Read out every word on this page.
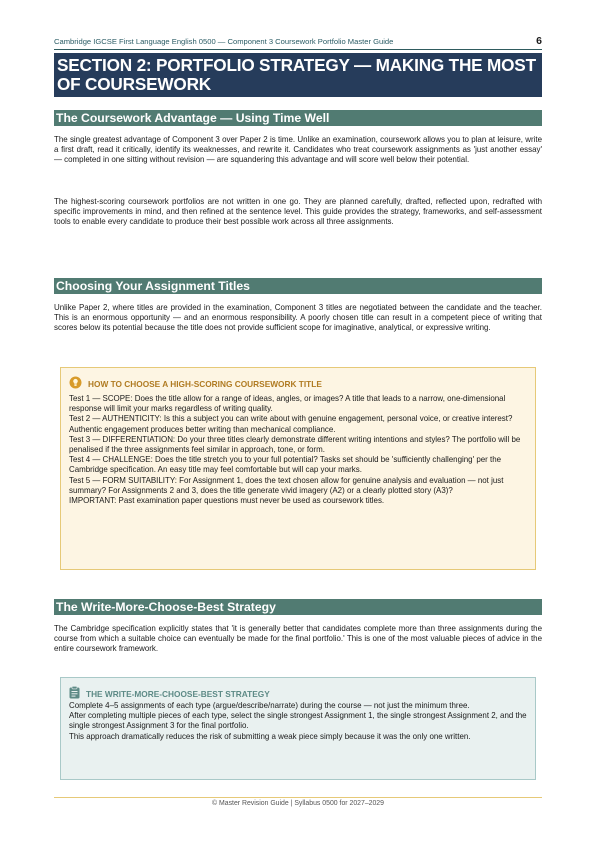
Cambridge IGCSE First Language English 0500 — Component 3 Coursework Portfolio Master Guide	6
SECTION 2: PORTFOLIO STRATEGY — MAKING THE MOST OF COURSEWORK
The Coursework Advantage — Using Time Well
The single greatest advantage of Component 3 over Paper 2 is time. Unlike an examination, coursework allows you to plan at leisure, write a first draft, read it critically, identify its weaknesses, and rewrite it. Candidates who treat coursework assignments as 'just another essay' — completed in one sitting without revision — are squandering this advantage and will score well below their potential.
The highest-scoring coursework portfolios are not written in one go. They are planned carefully, drafted, reflected upon, redrafted with specific improvements in mind, and then refined at the sentence level. This guide provides the strategy, frameworks, and self-assessment tools to enable every candidate to produce their best possible work across all three assignments.
Choosing Your Assignment Titles
Unlike Paper 2, where titles are provided in the examination, Component 3 titles are negotiated between the candidate and the teacher. This is an enormous opportunity — and an enormous responsibility. A poorly chosen title can result in a competent piece of writing that scores below its potential because the title does not provide sufficient scope for imaginative, analytical, or expressive writing.
HOW TO CHOOSE A HIGH-SCORING COURSEWORK TITLE
Test 1 — SCOPE: Does the title allow for a range of ideas, angles, or images? A title that leads to a narrow, one-dimensional response will limit your marks regardless of writing quality.
Test 2 — AUTHENTICITY: Is this a subject you can write about with genuine engagement, personal voice, or creative interest? Authentic engagement produces better writing than mechanical compliance.
Test 3 — DIFFERENTIATION: Do your three titles clearly demonstrate different writing intentions and styles? The portfolio will be penalised if the three assignments feel similar in approach, tone, or form.
Test 4 — CHALLENGE: Does the title stretch you to your full potential? Tasks set should be 'sufficiently challenging' per the Cambridge specification. An easy title may feel comfortable but will cap your marks.
Test 5 — FORM SUITABILITY: For Assignment 1, does the text chosen allow for genuine analysis and evaluation — not just summary? For Assignments 2 and 3, does the title generate vivid imagery (A2) or a clearly plotted story (A3)?
IMPORTANT: Past examination paper questions must never be used as coursework titles.
The Write-More-Choose-Best Strategy
The Cambridge specification explicitly states that 'it is generally better that candidates complete more than three assignments during the course from which a suitable choice can eventually be made for the final portfolio.' This is one of the most valuable pieces of advice in the entire coursework framework.
THE WRITE-MORE-CHOOSE-BEST STRATEGY
Complete 4–5 assignments of each type (argue/describe/narrate) during the course — not just the minimum three.
After completing multiple pieces of each type, select the single strongest Assignment 1, the single strongest Assignment 2, and the single strongest Assignment 3 for the final portfolio.
This approach dramatically reduces the risk of submitting a weak piece simply because it was the only one written.
© Master Revision Guide | Syllabus 0500 for 2027–2029
